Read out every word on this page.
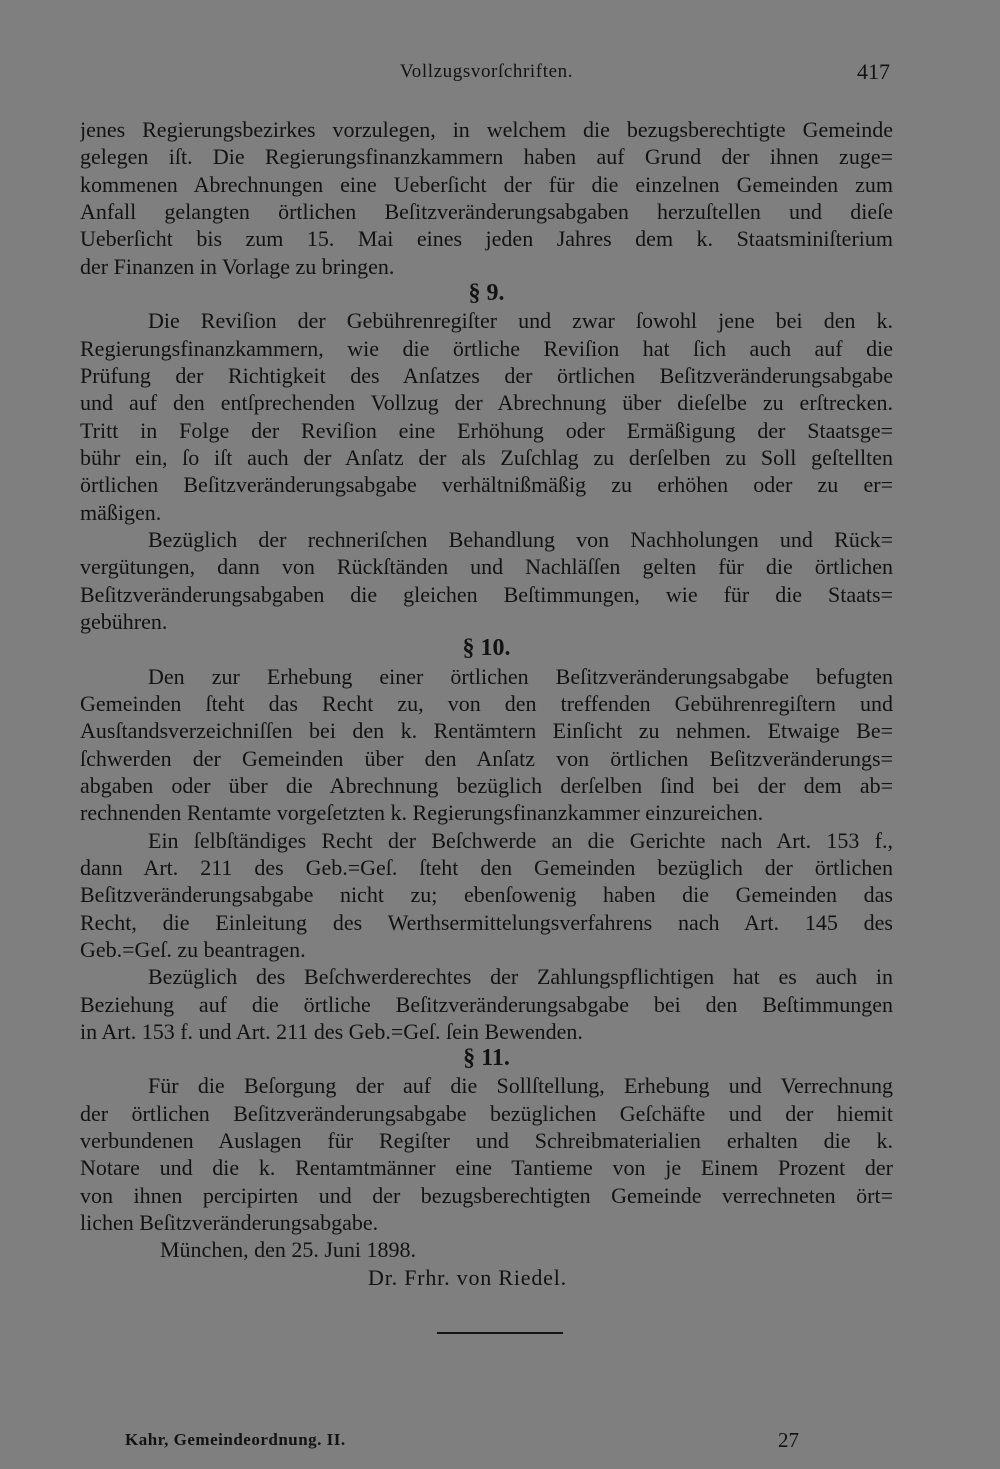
Vollzugsvorſchriften.	417
jenes Regierungsbezirkes vorzulegen, in welchem die bezugsberechtigte Gemeinde
gelegen iſt. Die Regierungsfinanzkammern haben auf Grund der ihnen zuge=
kommenen Abrechnungen eine Ueberſicht der für die einzelnen Gemeinden zum
Anfall gelangten örtlichen Beſitzveränderungsabgaben herzuſtellen und dieſe
Ueberſicht bis zum 15. Mai eines jeden Jahres dem k. Staatsminiſterium
der Finanzen in Vorlage zu bringen.
§ 9.
Die Reviſion der Gebührenregiſter und zwar ſowohl jene bei den k.
Regierungsfinanzkammern, wie die örtliche Reviſion hat ſich auch auf die
Prüfung der Richtigkeit des Anſatzes der örtlichen Beſitzveränderungsabgabe
und auf den entſprechenden Vollzug der Abrechnung über dieſelbe zu erſtrecken.
Tritt in Folge der Reviſion eine Erhöhung oder Ermäßigung der Staatsge=
bühr ein, ſo iſt auch der Anſatz der als Zuſchlag zu derſelben zu Soll geſtellten
örtlichen Beſitzveränderungsabgabe verhältnißmäßig zu erhöhen oder zu er=
mäßigen.
Bezüglich der rechneriſchen Behandlung von Nachholungen und Rück=
vergütungen, dann von Rückſtänden und Nachläſſen gelten für die örtlichen
Beſitzveränderungsabgaben die gleichen Beſtimmungen, wie für die Staats=
gebühren.
§ 10.
Den zur Erhebung einer örtlichen Beſitzveränderungsabgabe befugten
Gemeinden ſteht das Recht zu, von den treffenden Gebührenregiſtern und
Ausſtandsverzeichniſſen bei den k. Rentämtern Einſicht zu nehmen. Etwaige Be=
ſchwerden der Gemeinden über den Anſatz von örtlichen Beſitzveränderungs=
abgaben oder über die Abrechnung bezüglich derſelben ſind bei der dem ab=
rechnenden Rentamte vorgeſetzten k. Regierungsfinanzkammer einzureichen.
Ein ſelbſtändiges Recht der Beſchwerde an die Gerichte nach Art. 153 f.,
dann Art. 211 des Geb.=Geſ. ſteht den Gemeinden bezüglich der örtlichen
Beſitzveränderungsabgabe nicht zu; ebenſowenig haben die Gemeinden das
Recht, die Einleitung des Werthsermittelungsverfahrens nach Art. 145 des
Geb.=Geſ. zu beantragen.
Bezüglich des Beſchwerderechtes der Zahlungspflichtigen hat es auch in
Beziehung auf die örtliche Beſitzveränderungsabgabe bei den Beſtimmungen
in Art. 153 f. und Art. 211 des Geb.=Geſ. ſein Bewenden.
§ 11.
Für die Beſorgung der auf die Sollſtellung, Erhebung und Verrechnung
der örtlichen Beſitzveränderungsabgabe bezüglichen Geſchäfte und der hiemit
verbundenen Auslagen für Regiſter und Schreibmaterialien erhalten die k.
Notare und die k. Rentamtmänner eine Tantieme von je Einem Prozent der
von ihnen percipirten und der bezugsberechtigten Gemeinde verrechneten ört=
lichen Beſitzveränderungsabgabe.
München, den 25. Juni 1898.
Dr. Frhr. von Riedel.
Kahr, Gemeindeordnung. II.	27
